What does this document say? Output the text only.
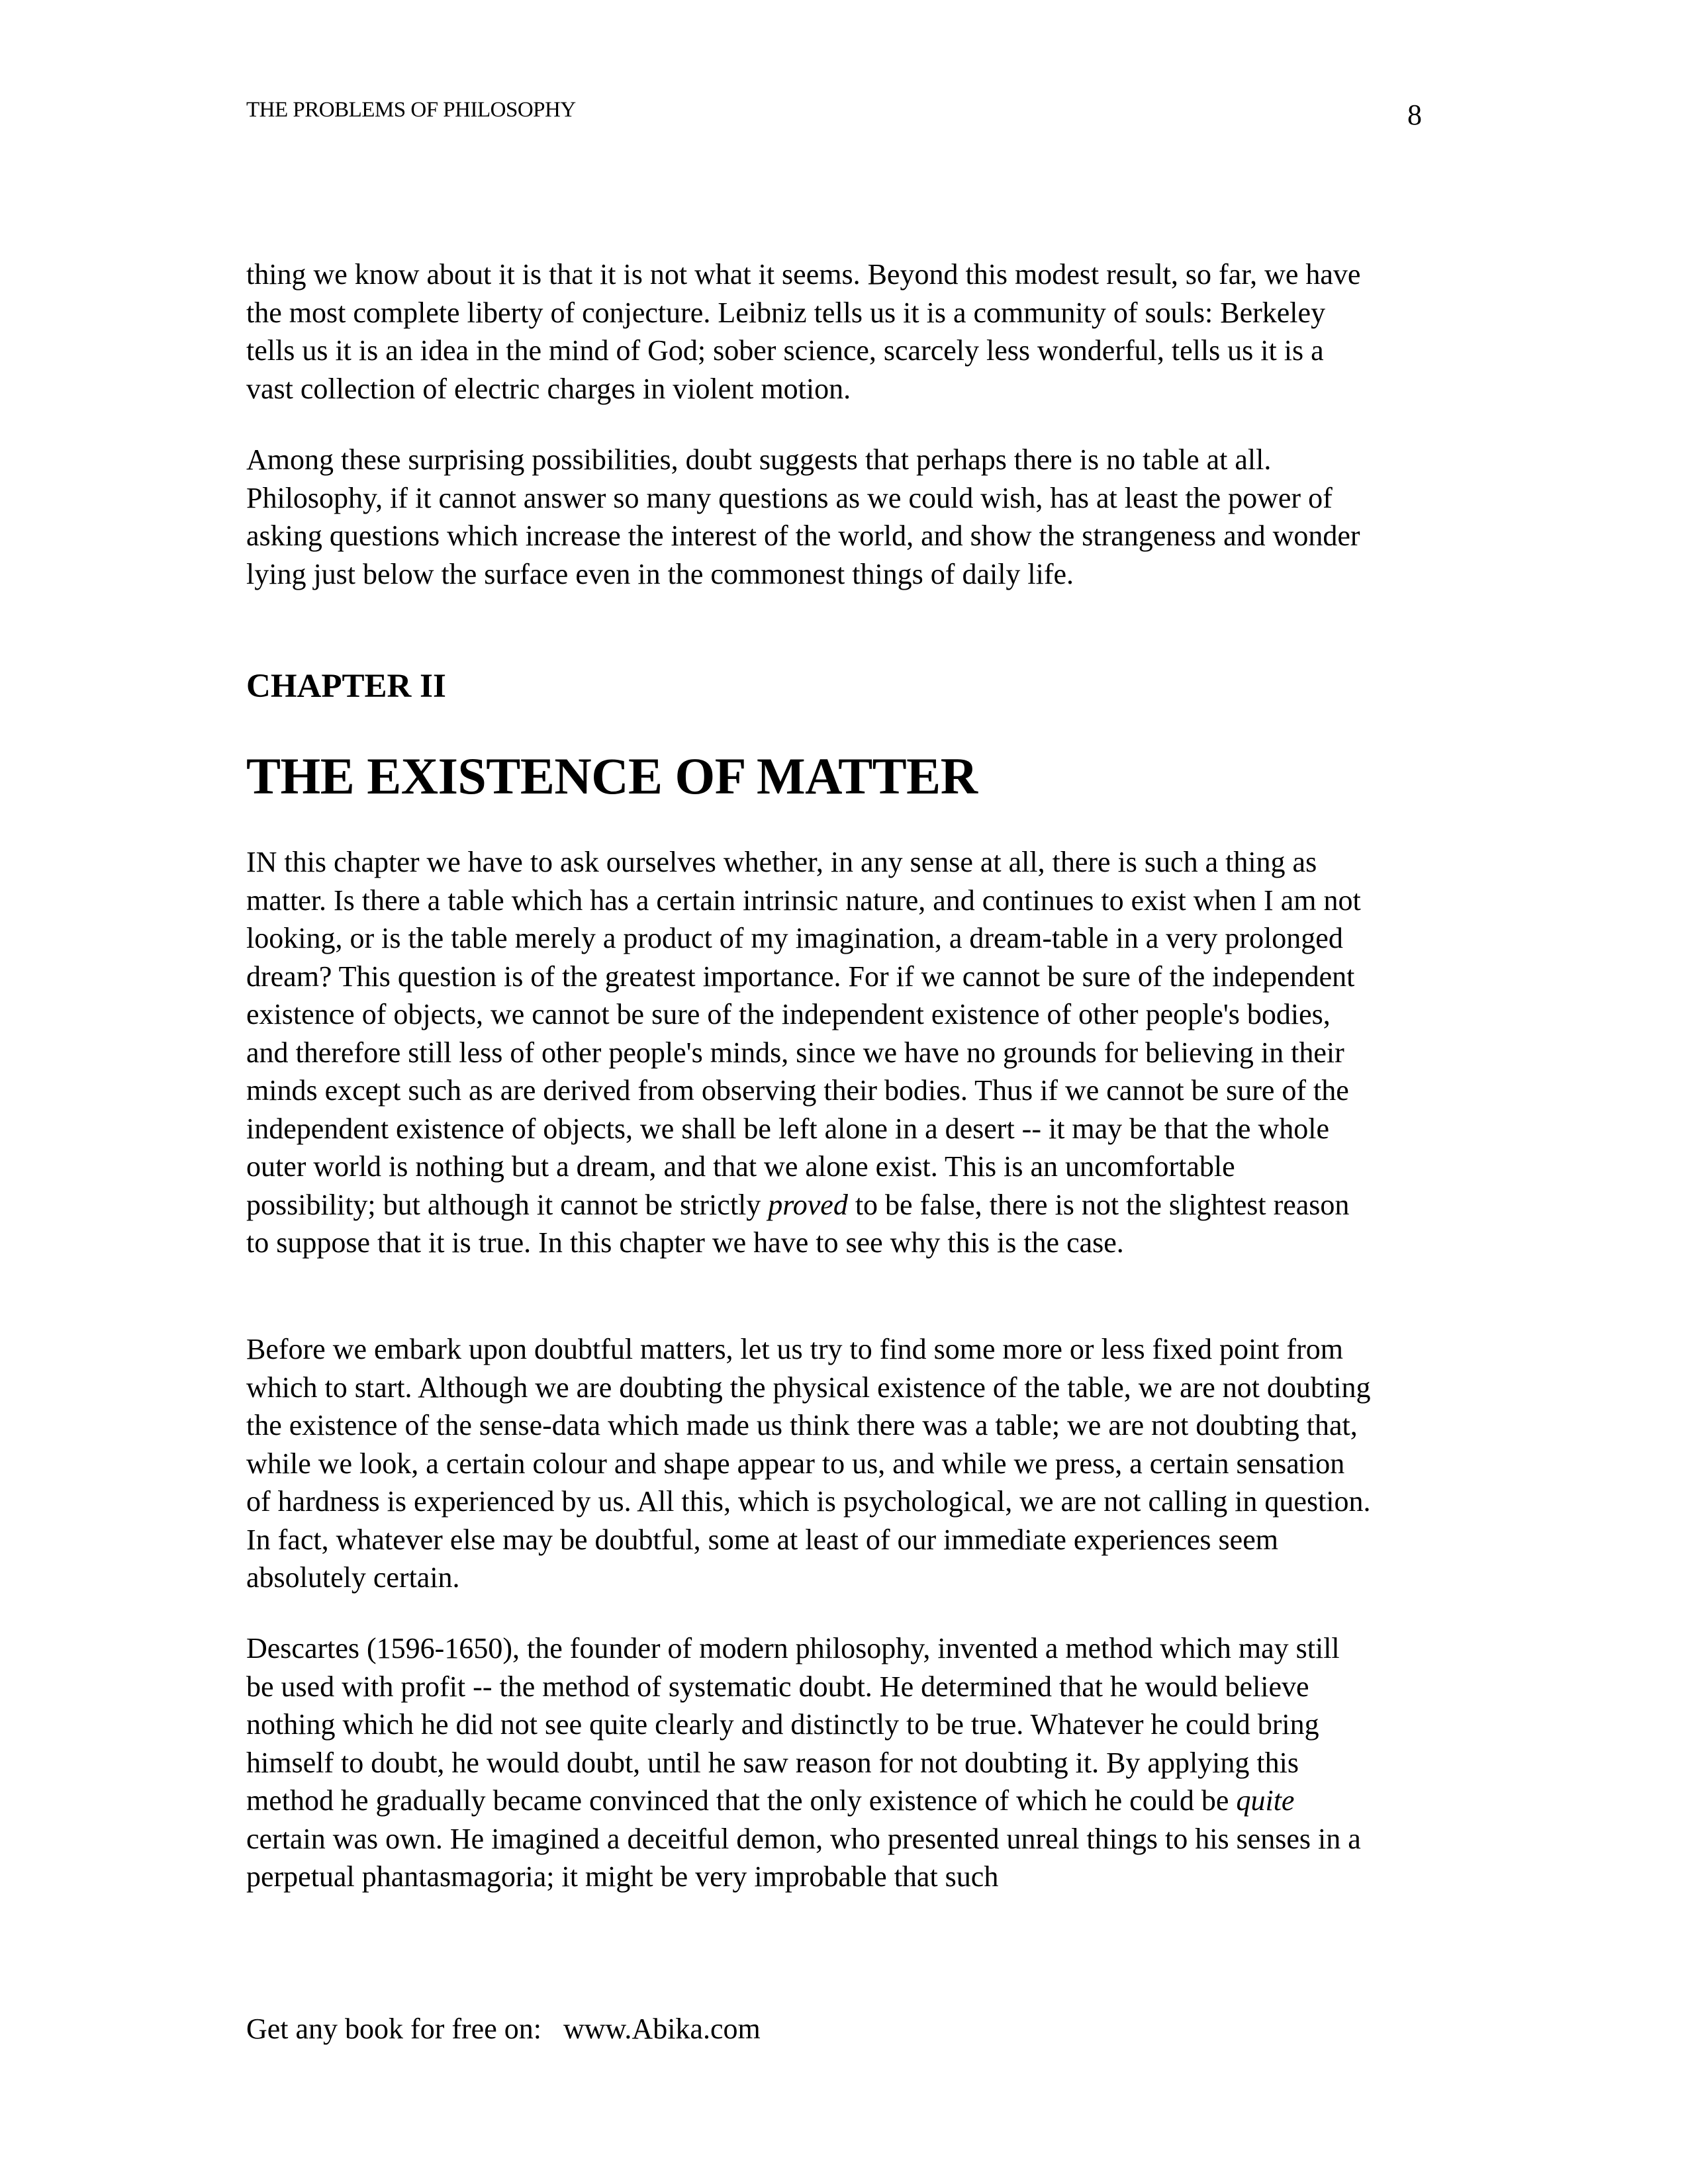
THE PROBLEMS OF PHILOSOPHY	8

thing we know about it is that it is not what it seems. Beyond this modest result, so far, we have the most complete liberty of conjecture. Leibniz tells us it is a community of souls: Berkeley tells us it is an idea in the mind of God; sober science, scarcely less wonderful, tells us it is a vast collection of electric charges in violent motion.

Among these surprising possibilities, doubt suggests that perhaps there is no table at all. Philosophy, if it cannot answer so many questions as we could wish, has at least the power of asking questions which increase the interest of the world, and show the strangeness and wonder lying just below the surface even in the commonest things of daily life.

CHAPTER II
THE EXISTENCE OF MATTER

IN this chapter we have to ask ourselves whether, in any sense at all, there is such a thing as matter. Is there a table which has a certain intrinsic nature, and continues to exist when I am not looking, or is the table merely a product of my imagination, a dream-table in a very prolonged dream? This question is of the greatest importance. For if we cannot be sure of the independent existence of objects, we cannot be sure of the independent existence of other people's bodies, and therefore still less of other people's minds, since we have no grounds for believing in their minds except such as are derived from observing their bodies. Thus if we cannot be sure of the independent existence of objects, we shall be left alone in a desert -- it may be that the whole outer world is nothing but a dream, and that we alone exist. This is an uncomfortable possibility; but although it cannot be strictly proved to be false, there is not the slightest reason to suppose that it is true. In this chapter we have to see why this is the case.

Before we embark upon doubtful matters, let us try to find some more or less fixed point from which to start. Although we are doubting the physical existence of the table, we are not doubting the existence of the sense-data which made us think there was a table; we are not doubting that, while we look, a certain colour and shape appear to us, and while we press, a certain sensation of hardness is experienced by us. All this, which is psychological, we are not calling in question. In fact, whatever else may be doubtful, some at least of our immediate experiences seem absolutely certain.

Descartes (1596-1650), the founder of modern philosophy, invented a method which may still be used with profit -- the method of systematic doubt. He determined that he would believe nothing which he did not see quite clearly and distinctly to be true. Whatever he could bring himself to doubt, he would doubt, until he saw reason for not doubting it. By applying this method he gradually became convinced that the only existence of which he could be quite certain was own. He imagined a deceitful demon, who presented unreal things to his senses in a perpetual phantasmagoria; it might be very improbable that such

Get any book for free on:   www.Abika.com
